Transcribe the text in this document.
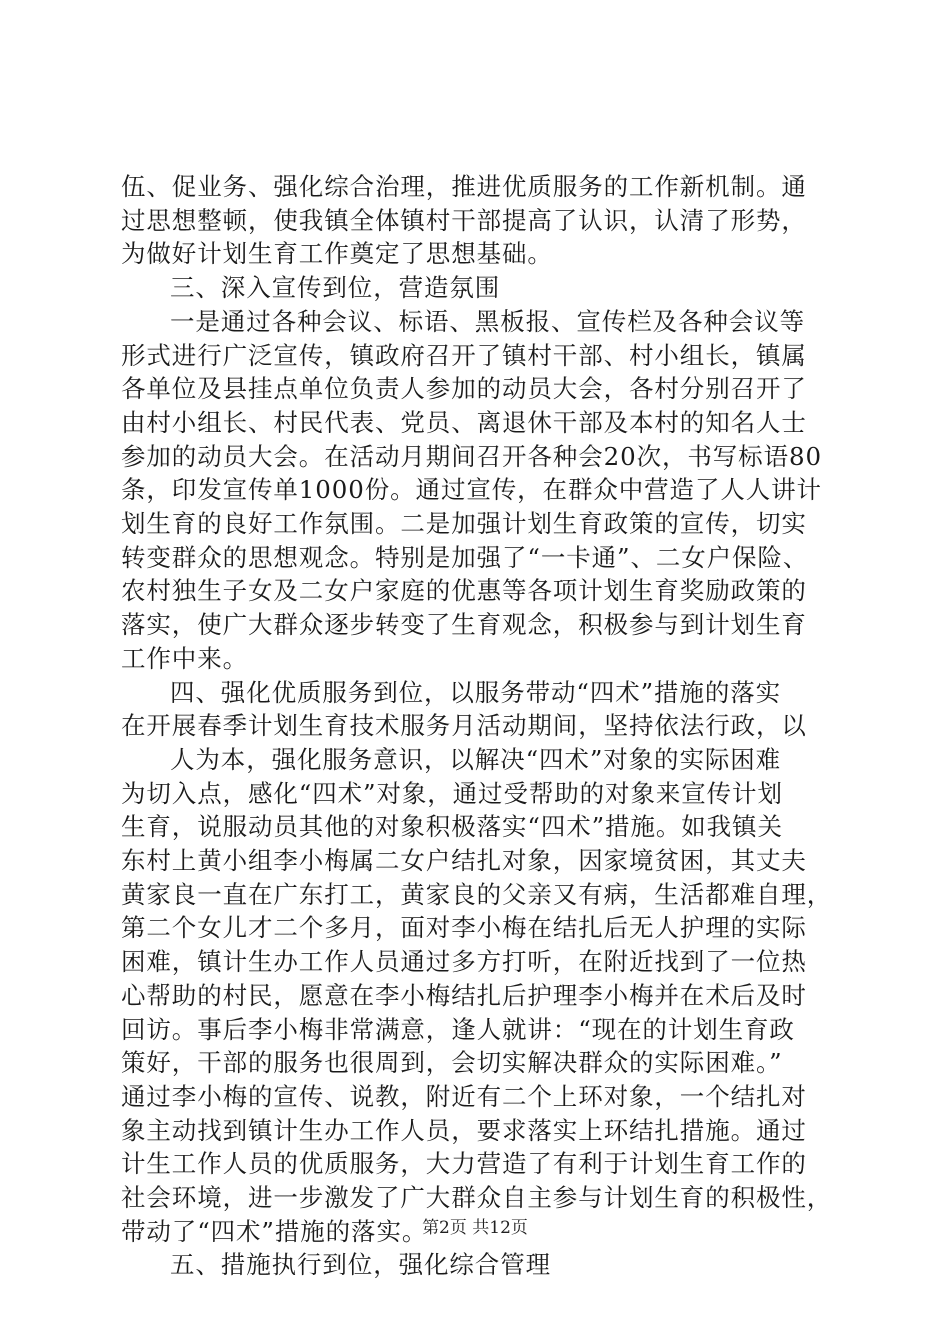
伍、促业务、强化综合治理，推进优质服务的工作新机制。通
过思想整顿，使我镇全体镇村干部提高了认识，认清了形势，
为做好计划生育工作奠定了思想基础。
三、深入宣传到位，营造氛围
一是通过各种会议、标语、黑板报、宣传栏及各种会议等
形式进行广泛宣传，镇政府召开了镇村干部、村小组长，镇属
各单位及县挂点单位负责人参加的动员大会，各村分别召开了
由村小组长、村民代表、党员、离退休干部及本村的知名人士
参加的动员大会。在活动月期间召开各种会20次，书写标语80
条，印发宣传单1000份。通过宣传，在群众中营造了人人讲计
划生育的良好工作氛围。二是加强计划生育政策的宣传，切实
转变群众的思想观念。特别是加强了“一卡通”、二女户保险、
农村独生子女及二女户家庭的优惠等各项计划生育奖励政策的
落实，使广大群众逐步转变了生育观念，积极参与到计划生育
工作中来。
四、强化优质服务到位，以服务带动“四术”措施的落实
在开展春季计划生育技术服务月活动期间，坚持依法行政，以
人为本，强化服务意识，以解决“四术”对象的实际困难
为切入点，感化“四术”对象，通过受帮助的对象来宣传计划
生育，说服动员其他的对象积极落实“四术”措施。如我镇关
东村上黄小组李小梅属二女户结扎对象，因家境贫困，其丈夫
黄家良一直在广东打工，黄家良的父亲又有病，生活都难自理，
第二个女儿才二个多月，面对李小梅在结扎后无人护理的实际
困难，镇计生办工作人员通过多方打听，在附近找到了一位热
心帮助的村民，愿意在李小梅结扎后护理李小梅并在术后及时
回访。事后李小梅非常满意，逢人就讲：“现在的计划生育政
策好，干部的服务也很周到，会切实解决群众的实际困难。”
通过李小梅的宣传、说教，附近有二个上环对象，一个结扎对
象主动找到镇计生办工作人员，要求落实上环结扎措施。通过
计生工作人员的优质服务，大力营造了有利于计划生育工作的
社会环境，进一步激发了广大群众自主参与计划生育的积极性，
带动了“四术”措施的落实。
五、措施执行到位，强化综合管理
第2页 共12页
